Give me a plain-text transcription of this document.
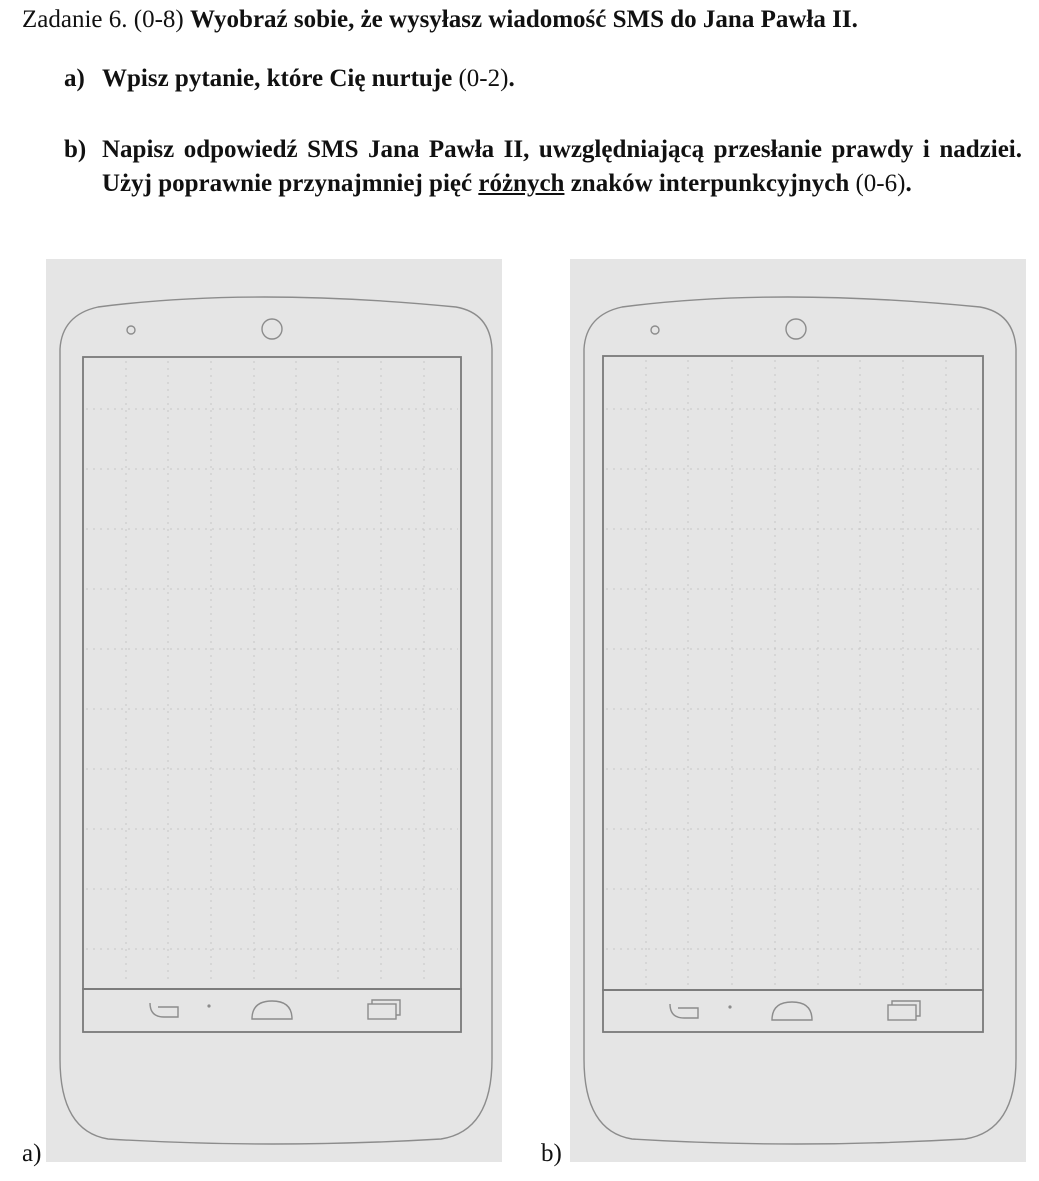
Zadanie 6. (0-8) Wyobraź sobie, że wysyłasz wiadomość SMS do Jana Pawła II.
a) Wpisz pytanie, które Cię nurtuje (0-2).
b) Napisz odpowiedź SMS Jana Pawła II, uwzględniającą przesłanie prawdy i nadziei. Użyj poprawnie przynajmniej pięć różnych znaków interpunkcyjnych (0-6).
a)	b)
